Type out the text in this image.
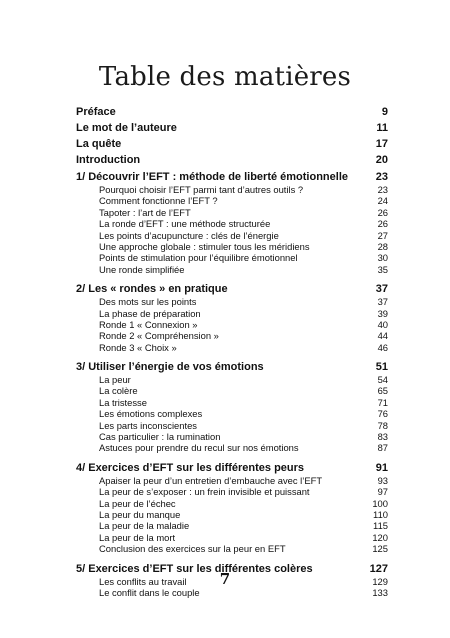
Table des matières
Préface	9
Le mot de l’auteure	11
La quête	17
Introduction	20
1/ Découvrir l’EFT : méthode de liberté émotionnelle	23
Pourquoi choisir l’EFT parmi tant d’autres outils ?	23
Comment fonctionne l’EFT ?	24
Tapoter : l’art de l’EFT	26
La ronde d’EFT : une méthode structurée	26
Les points d’acupuncture : clés de l’énergie	27
Une approche globale : stimuler tous les méridiens	28
Points de stimulation pour l’équilibre émotionnel	30
Une ronde simplifiée	35
2/ Les « rondes » en pratique	37
Des mots sur les points	37
La phase de préparation	39
Ronde 1 « Connexion »	40
Ronde 2 « Compréhension »	44
Ronde 3 « Choix »	46
3/ Utiliser l’énergie de vos émotions	51
La peur	54
La colère	65
La tristesse	71
Les émotions complexes	76
Les parts inconscientes	78
Cas particulier : la rumination	83
Astuces pour prendre du recul sur nos émotions	87
4/ Exercices d’EFT sur les différentes peurs	91
Apaiser la peur d’un entretien d’embauche avec l’EFT	93
La peur de s’exposer : un frein invisible et puissant	97
La peur de l’échec	100
La peur du manque	110
La peur de la maladie	115
La peur de la mort	120
Conclusion des exercices sur la peur en EFT	125
5/ Exercices d’EFT sur les différentes colères	127
Les conflits au travail	129
Le conflit dans le couple	133
7
